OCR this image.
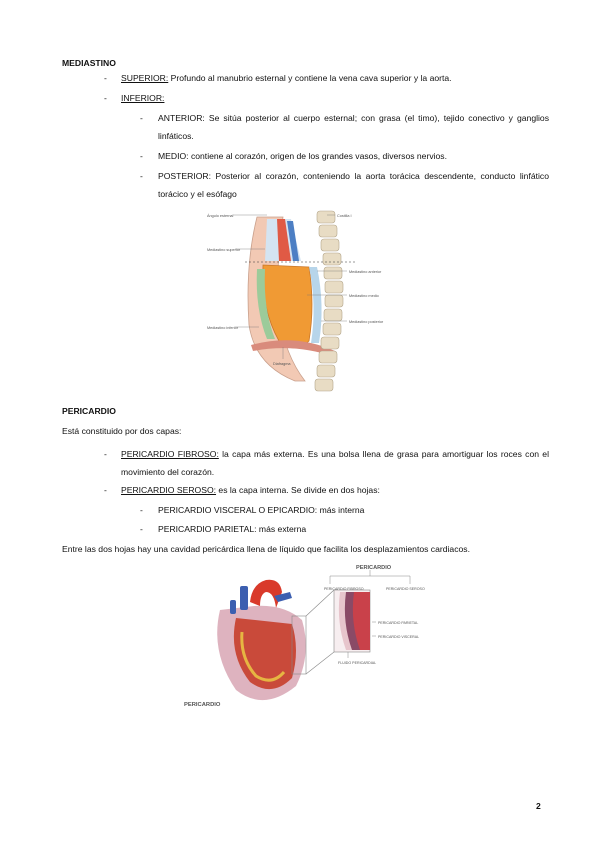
MEDIASTINO
- SUPERIOR: Profundo al manubrio esternal y contiene la vena cava superior y la aorta.
- INFERIOR:
- ANTERIOR: Se sitúa posterior al cuerpo esternal; con grasa (el timo), tejido conectivo y ganglios linfáticos.
- MEDIO: contiene al corazón, origen de los grandes vasos, diversos nervios.
- POSTERIOR: Posterior al corazón, conteniendo la aorta torácica descendente, conducto linfático torácico y el esófago
Ángulo esternal	Costilla I
Mediastino superior
Mediastino anterior
Mediastino medio
Mediastino posterior
Mediastino inferior
Diafragma
PERICARDIO
Está constituido por dos capas:
- PERICARDIO FIBROSO: la capa más externa. Es una bolsa llena de grasa para amortiguar los roces con el movimiento del corazón.
- PERICARDIO SEROSO: es la capa interna. Se divide en dos hojas:
- PERICARDIO VISCERAL O EPICARDIO: más interna
- PERICARDIO PARIETAL: más externa
Entre las dos hojas hay una cavidad pericárdica llena de líquido que facilita los desplazamientos cardiacos.
PERICARDIO
PERICARDIO FIBROSO	PERICARDIO SEROSO
PERICARDIO PARIETAL
PERICARDIO VISCERAL
FLUIDO PERICARDIAL
PERICARDIO
2
